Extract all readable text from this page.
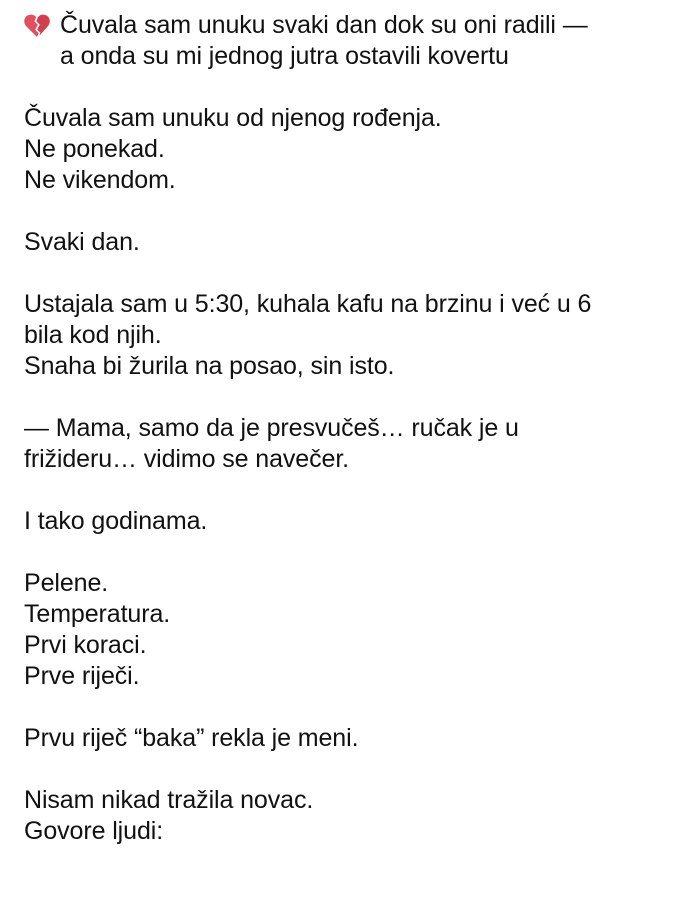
Čuvala sam unuku svaki dan dok su oni radili —
a onda su mi jednog jutra ostavili kovertu
Čuvala sam unuku od njenog rođenja.
Ne ponekad.
Ne vikendom.
Svaki dan.
Ustajala sam u 5:30, kuhala kafu na brzinu i već u 6
bila kod njih.
Snaha bi žurila na posao, sin isto.
— Mama, samo da je presvučeš… ručak je u
frižideru… vidimo se navečer.
I tako godinama.
Pelene.
Temperatura.
Prvi koraci.
Prve riječi.
Prvu riječ “baka” rekla je meni.
Nisam nikad tražila novac.
Govore ljudi:
